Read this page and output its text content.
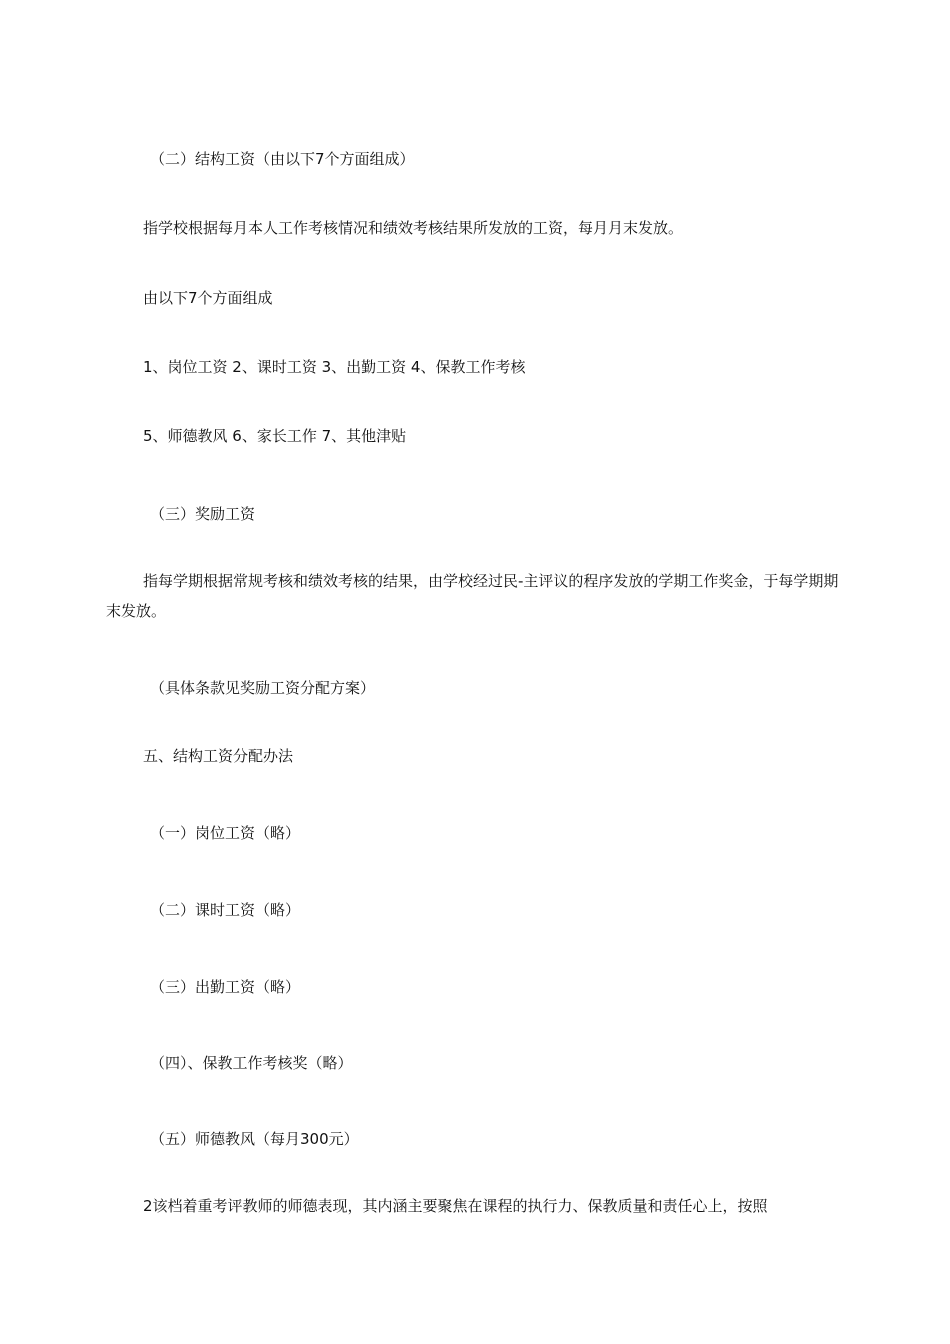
（二）结构工资（由以下7个方面组成）
指学校根据每月本人工作考核情况和绩效考核结果所发放的工资，每月月末发放。
由以下7个方面组成
1、岗位工资 2、课时工资 3、出勤工资 4、保教工作考核
5、师德教风 6、家长工作 7、其他津贴
（三）奖励工资
指每学期根据常规考核和绩效考核的结果，由学校经过民-主评议的程序发放的学期工作奖金，于每学期期末发放。
（具体条款见奖励工资分配方案）
五、结构工资分配办法
（一）岗位工资（略）
（二）课时工资（略）
（三）出勤工资（略）
（四）、保教工作考核奖（略）
（五）师德教风（每月300元）
2该档着重考评教师的师德表现，其内涵主要聚焦在课程的执行力、保教质量和责任心上，按照
